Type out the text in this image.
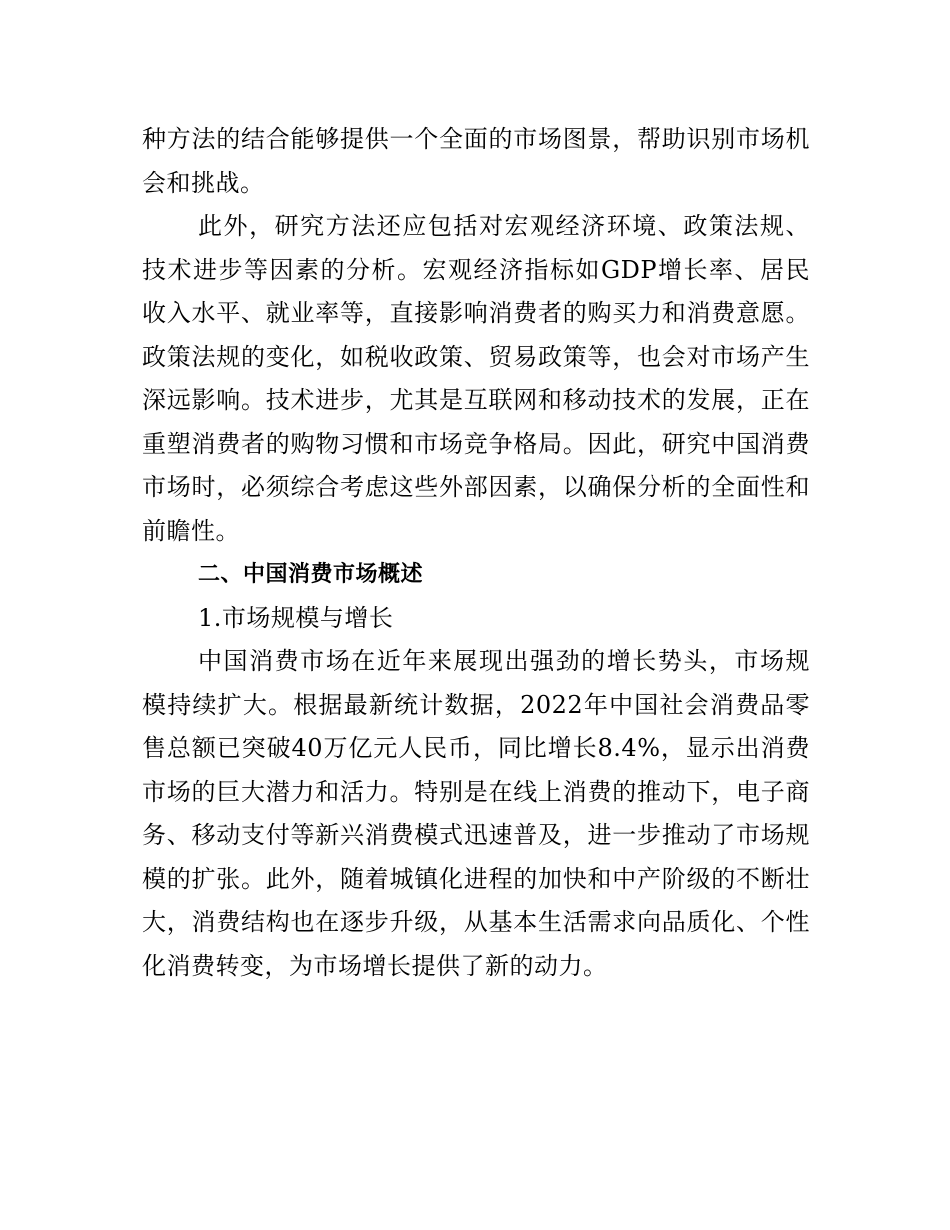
种方法的结合能够提供一个全面的市场图景，帮助识别市场机会和挑战。

此外，研究方法还应包括对宏观经济环境、政策法规、技术进步等因素的分析。宏观经济指标如GDP增长率、居民收入水平、就业率等，直接影响消费者的购买力和消费意愿。政策法规的变化，如税收政策、贸易政策等，也会对市场产生深远影响。技术进步，尤其是互联网和移动技术的发展，正在重塑消费者的购物习惯和市场竞争格局。因此，研究中国消费市场时，必须综合考虑这些外部因素，以确保分析的全面性和前瞻性。

二、中国消费市场概述

1.市场规模与增长

中国消费市场在近年来展现出强劲的增长势头，市场规模持续扩大。根据最新统计数据，2022年中国社会消费品零售总额已突破40万亿元人民币，同比增长8.4%，显示出消费市场的巨大潜力和活力。特别是在线上消费的推动下，电子商务、移动支付等新兴消费模式迅速普及，进一步推动了市场规模的扩张。此外，随着城镇化进程的加快和中产阶级的不断壮大，消费结构也在逐步升级，从基本生活需求向品质化、个性化消费转变，为市场增长提供了新的动力。
